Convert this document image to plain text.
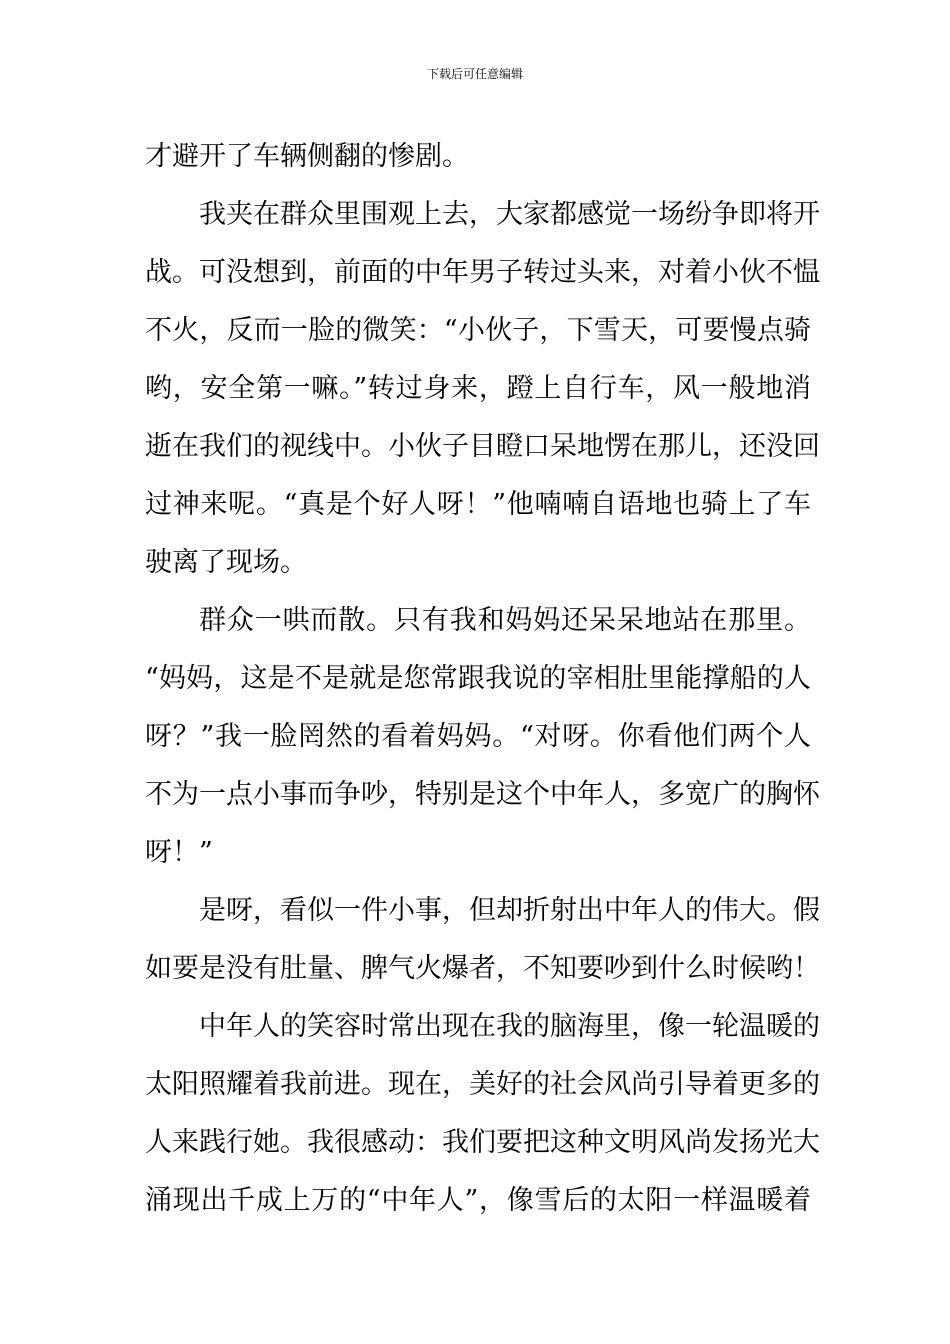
下载后可任意编辑
才避开了车辆侧翻的惨剧。
我夹在群众里围观上去，大家都感觉一场纷争即将开
战。可没想到，前面的中年男子转过头来，对着小伙不愠
不火，反而一脸的微笑：“小伙子，下雪天，可要慢点骑
哟，安全第一嘛。”转过身来，蹬上自行车，风一般地消
逝在我们的视线中。小伙子目瞪口呆地愣在那儿，还没回
过神来呢。“真是个好人呀！”他喃喃自语地也骑上了车
驶离了现场。
群众一哄而散。只有我和妈妈还呆呆地站在那里。
“妈妈，这是不是就是您常跟我说的宰相肚里能撑船的人
呀？”我一脸罔然的看着妈妈。“对呀。你看他们两个人
不为一点小事而争吵，特别是这个中年人，多宽广的胸怀
呀！”
是呀，看似一件小事，但却折射出中年人的伟大。假
如要是没有肚量、脾气火爆者，不知要吵到什么时候哟！
中年人的笑容时常出现在我的脑海里，像一轮温暖的
太阳照耀着我前进。现在，美好的社会风尚引导着更多的
人来践行她。我很感动：我们要把这种文明风尚发扬光大
涌现出千成上万的“中年人”，像雪后的太阳一样温暖着
